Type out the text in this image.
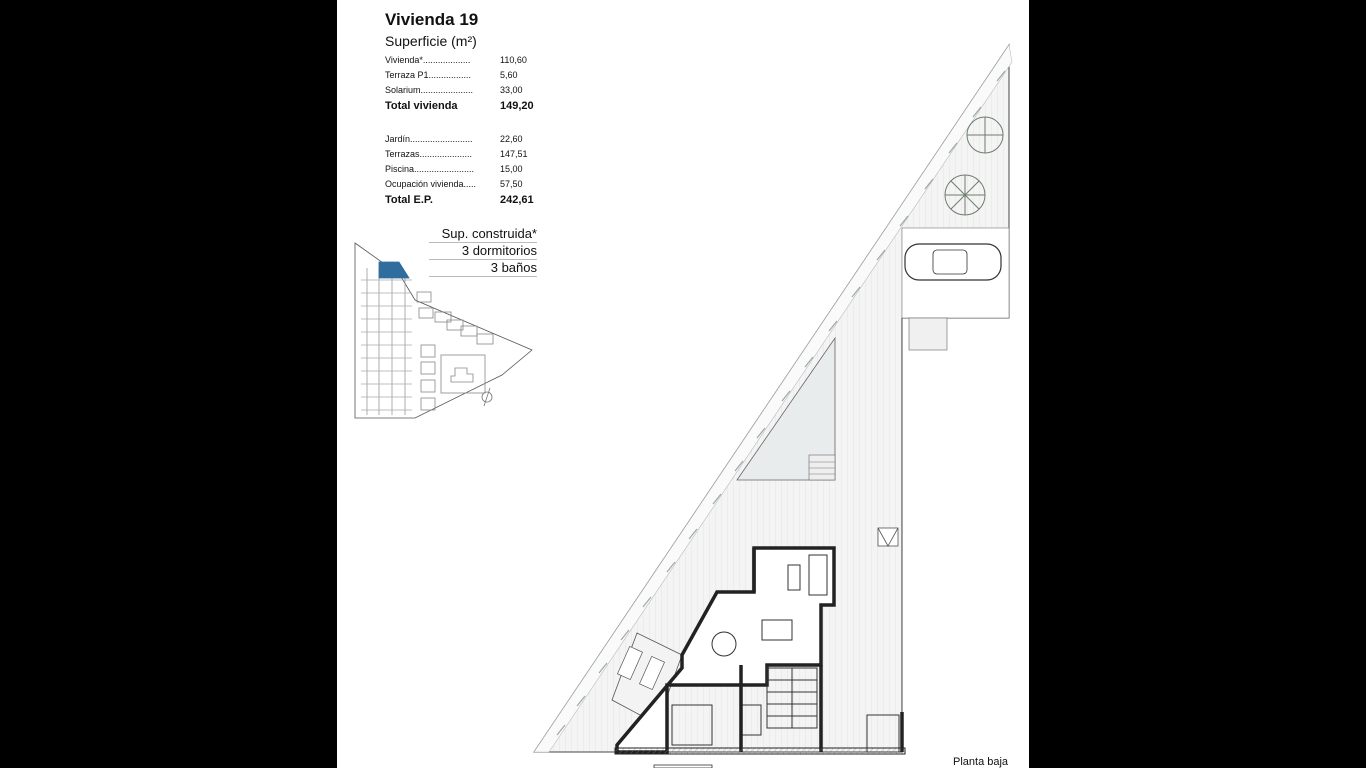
Vivienda 19
Superficie (m²)
Vivienda*...................	110,60
Terraza P1.................	5,60
Solarium.....................	33,00
Total vivienda	149,20
Jardín.........................	22,60
Terrazas.....................	147,51
Piscina........................	15,00
Ocupación vivienda.....	57,50
Total E.P.	242,61
Sup. construida*
3 dormitorios
3 baños
Planta baja
